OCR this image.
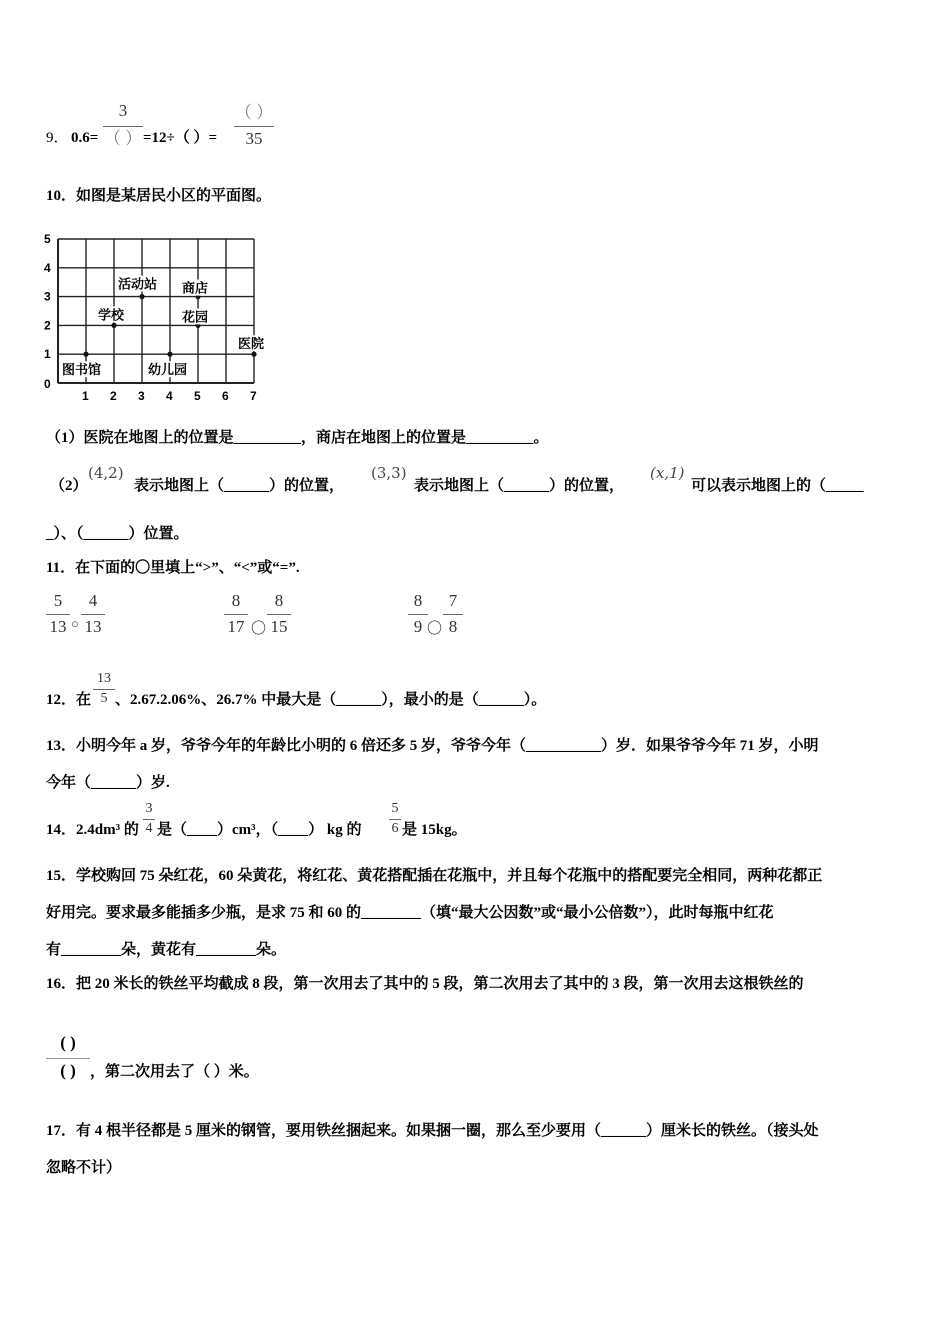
9． 0.6=
3
（ ） =12÷（ ）=
（ ）
35
10．如图是某居民小区的平面图。
0
1
2
3
4
5
1 2 3 4 5 6 7
图书馆
学校
活动站 商店
花园
幼儿园
医院
（1）医院在地图上的位置是_________，商店在地图上的位置是_________。
（2）
(4,2)
表示地图上（______）的位置，
(3,3)
表示地图上（______）的位置，
(x,1)
可以表示地图上的（_____
_）、（______）位置。
11．在下面的〇里填上“>”、“<”或“=”.
5
13 ○
4
13
8
17 〇
8
15
8
9 〇
7
8
12．在
13
5 、2.67.2.06%、26.7% 中最大是（______），最小的是（______）。
13．小明今年 a 岁，爷爷今年的年龄比小明的 6 倍还多 5 岁，爷爷今年（__________）岁．如果爷爷今年 71 岁，小明
今年（______）岁.
14．2.4dm³ 的
3
4 是（____）cm³，（____） kg 的
5
6 是 15kg。
15．学校购回 75 朵红花，60 朵黄花，将红花、黄花搭配插在花瓶中，并且每个花瓶中的搭配要完全相同，两种花都正
好用完。要求最多能插多少瓶，是求 75 和 60 的________（填“最大公因数”或“最小公倍数”），此时每瓶中红花
有________朵，黄花有________朵。
16．把 20 米长的铁丝平均截成 8 段，第一次用去了其中的 5 段，第二次用去了其中的 3 段，第一次用去这根铁丝的
( )
( ) ，第二次用去了（ ）米。
17．有 4 根半径都是 5 厘米的钢管，要用铁丝捆起来。如果捆一圈，那么至少要用（______）厘米长的铁丝。（接头处
忽略不计）
